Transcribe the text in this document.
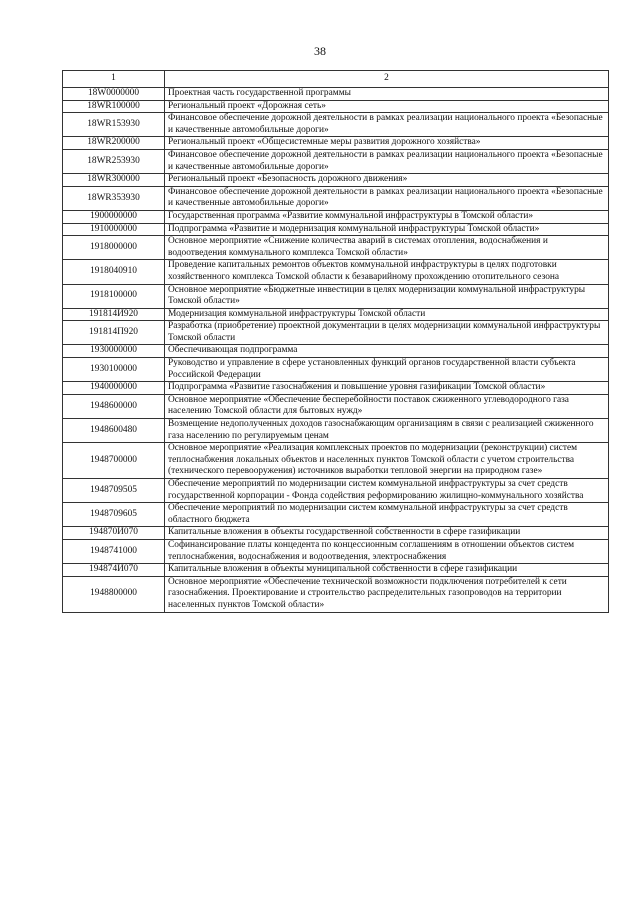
38
1	2
18W0000000	Проектная часть государственной программы
18WR100000	Региональный проект «Дорожная сеть»
18WR153930	Финансовое обеспечение дорожной деятельности в рамках реализации национального проекта «Безопасные и качественные автомобильные дороги»
18WR200000	Региональный проект «Общесистемные меры развития дорожного хозяйства»
18WR253930	Финансовое обеспечение дорожной деятельности в рамках реализации национального проекта «Безопасные и качественные автомобильные дороги»
18WR300000	Региональный проект «Безопасность дорожного движения»
18WR353930	Финансовое обеспечение дорожной деятельности в рамках реализации национального проекта «Безопасные и качественные автомобильные дороги»
1900000000	Государственная программа «Развитие коммунальной инфраструктуры в Томской области»
1910000000	Подпрограмма «Развитие и модернизация коммунальной инфраструктуры Томской области»
1918000000	Основное мероприятие «Снижение количества аварий в системах отопления, водоснабжения и водоотведения коммунального комплекса Томской области»
1918040910	Проведение капитальных ремонтов объектов коммунальной инфраструктуры в целях подготовки хозяйственного комплекса Томской области к безаварийному прохождению отопительного сезона
1918100000	Основное мероприятие «Бюджетные инвестиции в целях модернизации коммунальной инфраструктуры Томской области»
191814И920	Модернизация коммунальной инфраструктуры Томской области
191814П920	Разработка (приобретение) проектной документации в целях модернизации коммунальной инфраструктуры Томской области
1930000000	Обеспечивающая подпрограмма
1930100000	Руководство и управление в сфере установленных функций органов государственной власти субъекта Российской Федерации
1940000000	Подпрограмма «Развитие газоснабжения и повышение уровня газификации Томской области»
1948600000	Основное мероприятие «Обеспечение бесперебойности поставок сжиженного углеводородного газа населению Томской области для бытовых нужд»
1948600480	Возмещение недополученных доходов газоснабжающим организациям в связи с реализацией сжиженного газа населению по регулируемым ценам
1948700000	Основное мероприятие «Реализация комплексных проектов по модернизации (реконструкции) систем теплоснабжения локальных объектов и населенных пунктов Томской области с учетом строительства (технического перевооружения) источников выработки тепловой энергии на природном газе»
1948709505	Обеспечение мероприятий по модернизации систем коммунальной инфраструктуры за счет средств государственной корпорации - Фонда содействия реформированию жилищно-коммунального хозяйства
1948709605	Обеспечение мероприятий по модернизации систем коммунальной инфраструктуры за счет средств областного бюджета
194870И070	Капитальные вложения в объекты государственной собственности в сфере газификации
1948741000	Софинансирование платы концедента по концессионным соглашениям в отношении объектов систем теплоснабжения, водоснабжения и водоотведения, электроснабжения
194874И070	Капитальные вложения в объекты муниципальной собственности в сфере газификации
1948800000	Основное мероприятие «Обеспечение технической возможности подключения потребителей к сети газоснабжения. Проектирование и строительство распределительных газопроводов на территории населенных пунктов Томской области»
